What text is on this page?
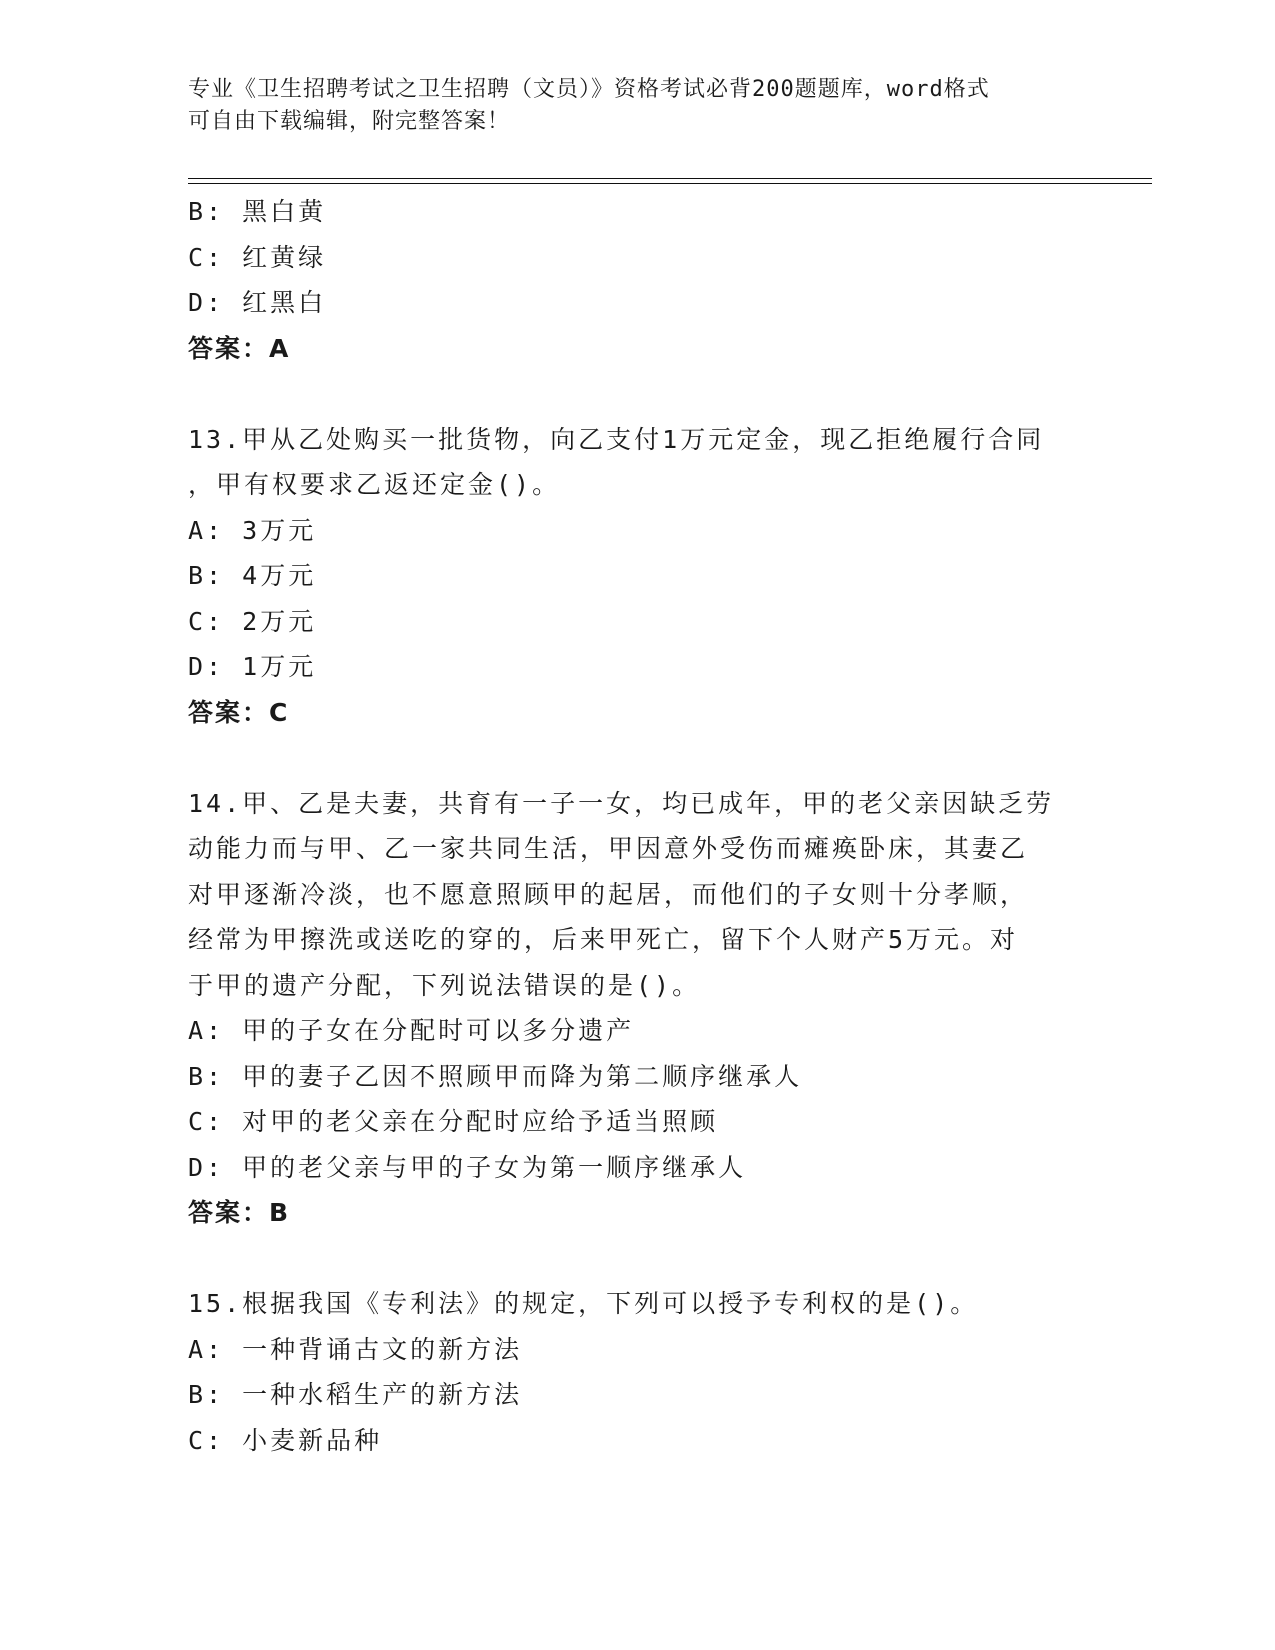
专业《卫生招聘考试之卫生招聘（文员）》资格考试必背200题题库，word格式
可自由下载编辑，附完整答案！
B: 黑白黄
C: 红黄绿
D: 红黑白
答案：A
13.甲从乙处购买一批货物，向乙支付1万元定金，现乙拒绝履行合同
，甲有权要求乙返还定金()。
A: 3万元
B: 4万元
C: 2万元
D: 1万元
答案：C
14.甲、乙是夫妻，共育有一子一女，均已成年，甲的老父亲因缺乏劳
动能力而与甲、乙一家共同生活，甲因意外受伤而瘫痪卧床，其妻乙
对甲逐渐冷淡，也不愿意照顾甲的起居，而他们的子女则十分孝顺，
经常为甲擦洗或送吃的穿的，后来甲死亡，留下个人财产5万元。对
于甲的遗产分配，下列说法错误的是()。
A: 甲的子女在分配时可以多分遗产
B: 甲的妻子乙因不照顾甲而降为第二顺序继承人
C: 对甲的老父亲在分配时应给予适当照顾
D: 甲的老父亲与甲的子女为第一顺序继承人
答案：B
15.根据我国《专利法》的规定，下列可以授予专利权的是()。
A: 一种背诵古文的新方法
B: 一种水稻生产的新方法
C: 小麦新品种
